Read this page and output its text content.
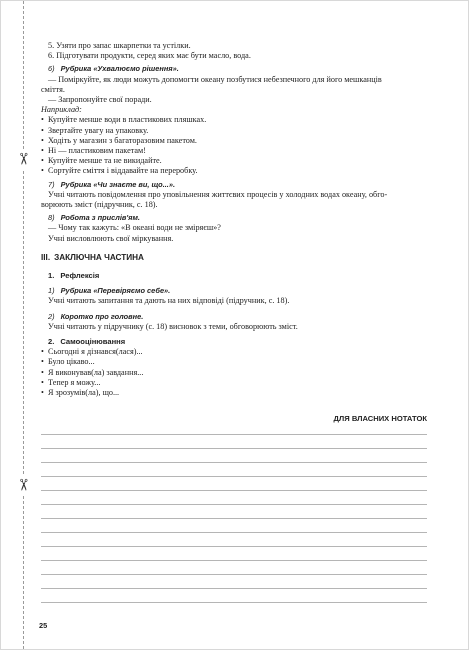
✂
✂

5. Узяти про запас шкарпетки та устілки.

6. Підготувати продукти, серед яких має бути масло, вода.

6) Рубрика «Ухвалюємо рішення».

— Поміркуйте, як люди можуть допомогти океану позбутися небезпечного для його мешканців

сміття.

— Запропонуйте свої поради.

Наприклад:

• Купуйте менше води в пластикових пляшках.
• Звертайте увагу на упаковку.
• Ходіть у магазин з багаторазовим пакетом.
• Ні — пластиковим пакетам!
• Купуйте менше та не викидайте.
• Сортуйте сміття і віддавайте на переробку.

7) Рубрика «Чи знаєте ви, що...».

Учні читають повідомлення про уповільнення життєвих процесів у холодних водах океану, обго-

ворюють зміст (підручник, с. 18).

8) Робота з прислів'ям.

— Чому так кажуть: «В океані води не зміряєш»?

Учні висловлюють свої міркування.

ІІІ. ЗАКЛЮЧНА ЧАСТИНА

1. Рефлексія

1) Рубрика «Перевіряємо себе».

Учні читають запитання та дають на них відповіді (підручник, с. 18).

2) Коротко про головне.

Учні читають у підручнику (с. 18) висновок з теми, обговорюють зміст.

2. Самооцінювання

• Сьогодні я дізнався(лася)...
• Було цікаво...
• Я виконував(ла) завдання...
• Тепер я можу...
• Я зрозумів(ла), що...
ДЛЯ ВЛАСНИХ НОТАТОК
25
